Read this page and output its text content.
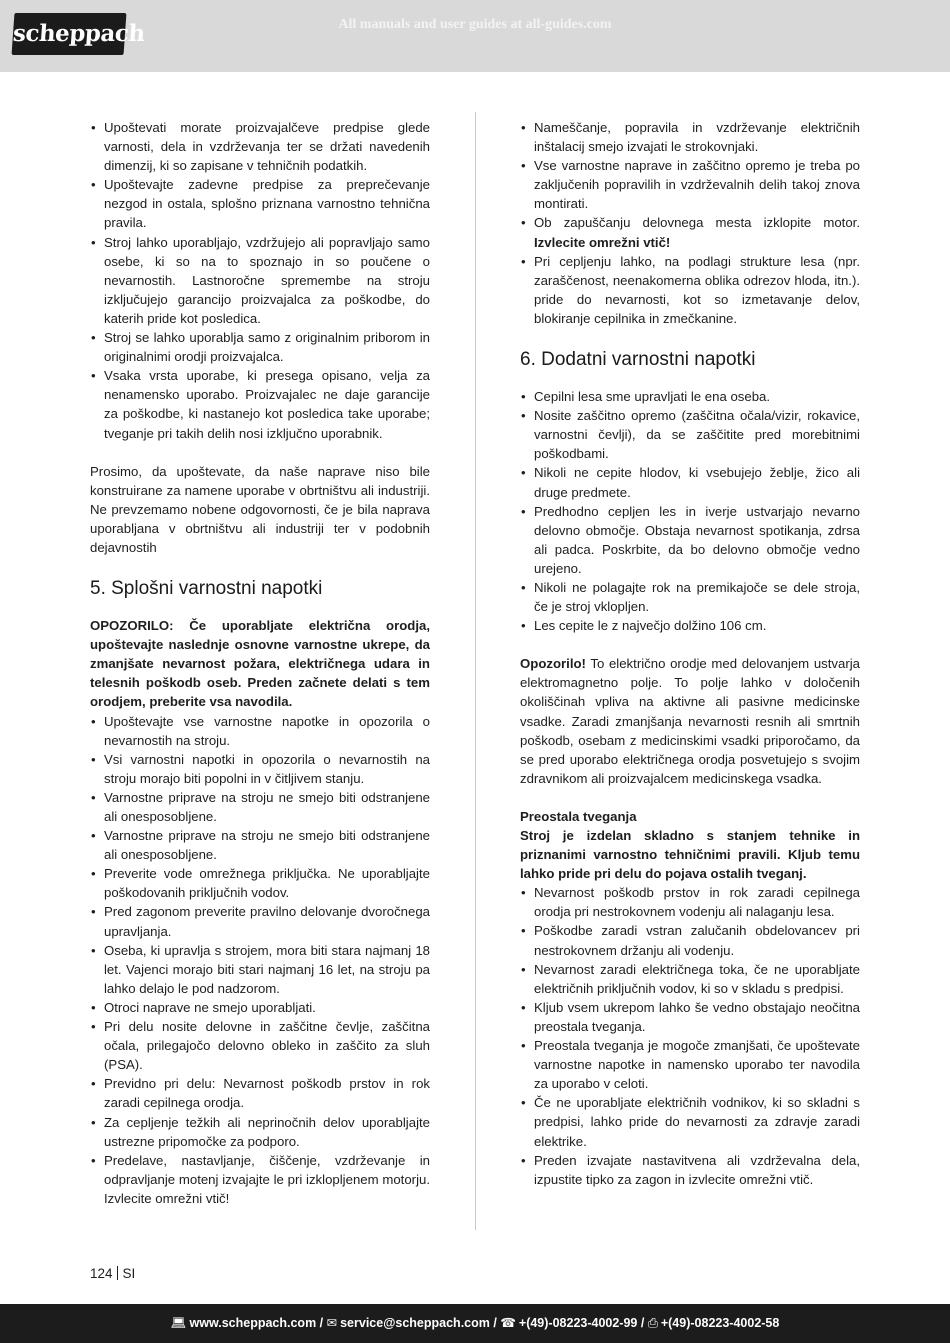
scheppach	All manuals and user guides at all-guides.com
• Upoštevati morate proizvajalčeve predpise glede varnosti, dela in vzdrževanja ter se držati navedenih dimenzij, ki so zapisane v tehničnih podatkih.
• Upoštevajte zadevne predpise za preprečevanje nezgod in ostala, splošno priznana varnostno tehnična pravila.
• Stroj lahko uporabljajo, vzdržujejo ali popravljajo samo osebe, ki so na to spoznajo in so poučene o nevarnostih. Lastnoročne spremembe na stroju izključujejo garancijo proizvajalca za poškodbe, do katerih pride kot posledica.
• Stroj se lahko uporablja samo z originalnim priborom in originalnimi orodji proizvajalca.
• Vsaka vrsta uporabe, ki presega opisano, velja za nenamensko uporabo. Proizvajalec ne daje garancije za poškodbe, ki nastanejo kot posledica take uporabe; tveganje pri takih delih nosi izključno uporabnik.

Prosimo, da upoštevate, da naše naprave niso bile konstruirane za namene uporabe v obrtništvu ali industriji. Ne prevzemamo nobene odgovornosti, če je bila naprava uporabljana v obrtništvu ali industriji ter v podobnih dejavnostih

5. Splošni varnostni napotki

OPOZORILO: Če uporabljate električna orodja, upoštevajte naslednje osnovne varnostne ukrepe, da zmanjšate nevarnost požara, električnega udara in telesnih poškodb oseb. Preden začnete delati s tem orodjem, preberite vsa navodila.

• Upoštevajte vse varnostne napotke in opozorila o nevarnostih na stroju.
• Vsi varnostni napotki in opozorila o nevarnostih na stroju morajo biti popolni in v čitljivem stanju.
• Varnostne priprave na stroju ne smejo biti odstranjene ali onesposobljene.
• Varnostne priprave na stroju ne smejo biti odstranjene ali onesposobljene.
• Preverite vode omrežnega priključka. Ne uporabljajte poškodovanih priključnih vodov.
• Pred zagonom preverite pravilno delovanje dvoročnega upravljanja.
• Oseba, ki upravlja s strojem, mora biti stara najmanj 18 let. Vajenci morajo biti stari najmanj 16 let, na stroju pa lahko delajo le pod nadzorom.
• Otroci naprave ne smejo uporabljati.
• Pri delu nosite delovne in zaščitne čevlje, zaščitna očala, prilegajočo delovno obleko in zaščito za sluh (PSA).
• Previdno pri delu: Nevarnost poškodb prstov in rok zaradi cepilnega orodja.
• Za cepljenje težkih ali neprinočnih delov uporabljajte ustrezne pripomočke za podporo.
• Predelave, nastavljanje, čiščenje, vzdrževanje in odpravljanje motenj izvajajte le pri izklopljenem motorju. Izvlecite omrežni vtič!
• Nameščanje, popravila in vzdrževanje električnih inštalacij smejo izvajati le strokovnjaki.
• Vse varnostne naprave in zaščitno opremo je treba po zaključenih popravilih in vzdrževalnih delih takoj znova montirati.
• Ob zapuščanju delovnega mesta izklopite motor. Izvlecite omrežni vtič!
• Pri cepljenju lahko, na podlagi strukture lesa (npr. zaraščenost, neenakomerna oblika odrezov hloda, itn.). pride do nevarnosti, kot so izmetavanje delov, blokiranje cepilnika in zmečkanine.
6. Dodatni varnostni napotki
• Cepilni lesa sme upravljati le ena oseba.
• Nosite zaščitno opremo (zaščitna očala/vizir, rokavice, varnostni čevlji), da se zaščitite pred morebitnimi poškodbami.
• Nikoli ne cepite hlodov, ki vsebujejo žeblje, žico ali druge predmete.
• Predhodno cepljen les in iverje ustvarjajo nevarno delovno območje. Obstaja nevarnost spotikanja, zdrsa ali padca. Poskrbite, da bo delovno območje vedno urejeno.
• Nikoli ne polagajte rok na premikajoče se dele stroja, če je stroj vklopljen.
• Les cepite le z največjo dolžino 106 cm.

Opozorilo! To električno orodje med delovanjem ustvarja elektromagnetno polje. To polje lahko v določenih okoliščinah vpliva na aktivne ali pasivne medicinske vsadke. Zaradi zmanjšanja nevarnosti resnih ali smrtnih poškodb, osebam z medicinskimi vsadki priporočamo, da se pred uporabo električnega orodja posvetujejo s svojim zdravnikom ali proizvajalcem medicinskega vsadka.

Preostala tveganja

Stroj je izdelan skladno s stanjem tehnike in priznanimi varnostno tehničnimi pravili. Kljub temu lahko pride pri delu do pojava ostalih tveganj.

• Nevarnost poškodb prstov in rok zaradi cepilnega orodja pri nestrokovnem vodenju ali nalaganju lesa.
• Poškodbe zaradi vstran zalučanih obdelovancev pri nestrokovnem držanju ali vodenju.
• Nevarnost zaradi električnega toka, če ne uporabljate električnih priključnih vodov, ki so v skladu s predpisi.
• Kljub vsem ukrepom lahko še vedno obstajajo neočitna preostala tveganja.
• Preostala tveganja je mogoče zmanjšati, če upoštevate varnostne napotke in namensko uporabo ter navodila za uporabo v celoti.
• Če ne uporabljate električnih vodnikov, ki so skladni s predpisi, lahko pride do nevarnosti za zdravje zaradi elektrike.
• Preden izvajate nastavitvena ali vzdrževalna dela, izpustite tipko za zagon in izvlecite omrežni vtič.
124 SI
💻︎ www.scheppach.com / ✉ service@scheppach.com / ☎ +(49)-08223-4002-99 / ⎙ +(49)-08223-4002-58
